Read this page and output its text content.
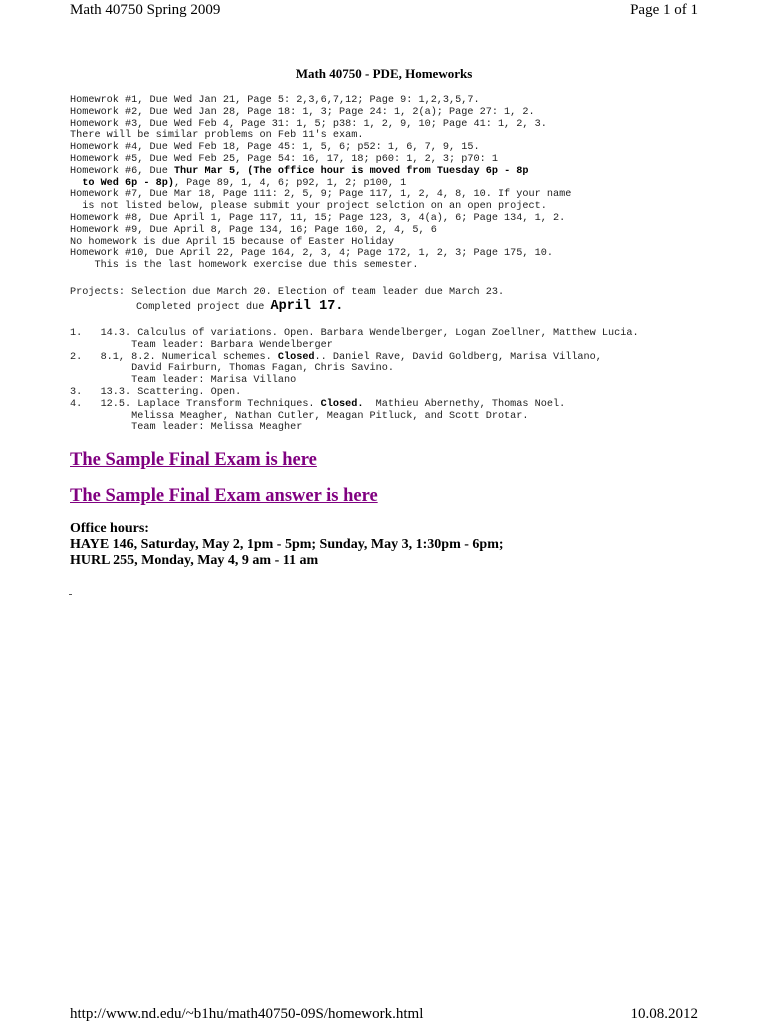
Math 40750 Spring 2009	Page 1 of 1
Math 40750 - PDE, Homeworks
Homewrok #1, Due Wed Jan 21, Page 5: 2,3,6,7,12; Page 9: 1,2,3,5,7.
Homework #2, Due Wed Jan 28, Page 18: 1, 3; Page 24: 1, 2(a); Page 27: 1, 2.
Homework #3, Due Wed Feb 4, Page 31: 1, 5; p38: 1, 2, 9, 10; Page 41: 1, 2, 3.
There will be similar problems on Feb 11's exam.
Homework #4, Due Wed Feb 18, Page 45: 1, 5, 6; p52: 1, 6, 7, 9, 15.
Homework #5, Due Wed Feb 25, Page 54: 16, 17, 18; p60: 1, 2, 3; p70: 1
Homework #6, Due Thur Mar 5, (The office hour is moved from Tuesday 6p - 8p
to Wed 6p - 8p), Page 89, 1, 4, 6; p92, 1, 2; p100, 1
Homework #7, Due Mar 18, Page 111: 2, 5, 9; Page 117, 1, 2, 4, 8, 10. If your name
is not listed below, please submit your project selction on an open project.
Homework #8, Due April 1, Page 117, 11, 15; Page 123, 3, 4(a), 6; Page 134, 1, 2.
Homework #9, Due April 8, Page 134, 16; Page 160, 2, 4, 5, 6
No homework is due April 15 because of Easter Holiday
Homework #10, Due April 22, Page 164, 2, 3, 4; Page 172, 1, 2, 3; Page 175, 10.
This is the last homework exercise due this semester.
Projects: Selection due March 20. Election of team leader due March 23.
Completed project due April 17.
1.   14.3. Calculus of variations. Open. Barbara Wendelberger, Logan Zoellner, Matthew Lucia.
Team leader: Barbara Wendelberger
2.   8.1, 8.2. Numerical schemes. Closed.. Daniel Rave, David Goldberg, Marisa Villano,
David Fairburn, Thomas Fagan, Chris Savino.
Team leader: Marisa Villano
3.   13.3. Scattering. Open.
4.   12.5. Laplace Transform Techniques. Closed.  Mathieu Abernethy, Thomas Noel.
Melissa Meagher, Nathan Cutler, Meagan Pitluck, and Scott Drotar.
Team leader: Melissa Meagher
The Sample Final Exam is here
The Sample Final Exam answer is here
Office hours:
HAYE 146, Saturday, May 2, 1pm - 5pm; Sunday, May 3, 1:30pm - 6pm;
HURL 255, Monday, May 4, 9 am - 11 am
http://www.nd.edu/~b1hu/math40750-09S/homework.html	10.08.2012
